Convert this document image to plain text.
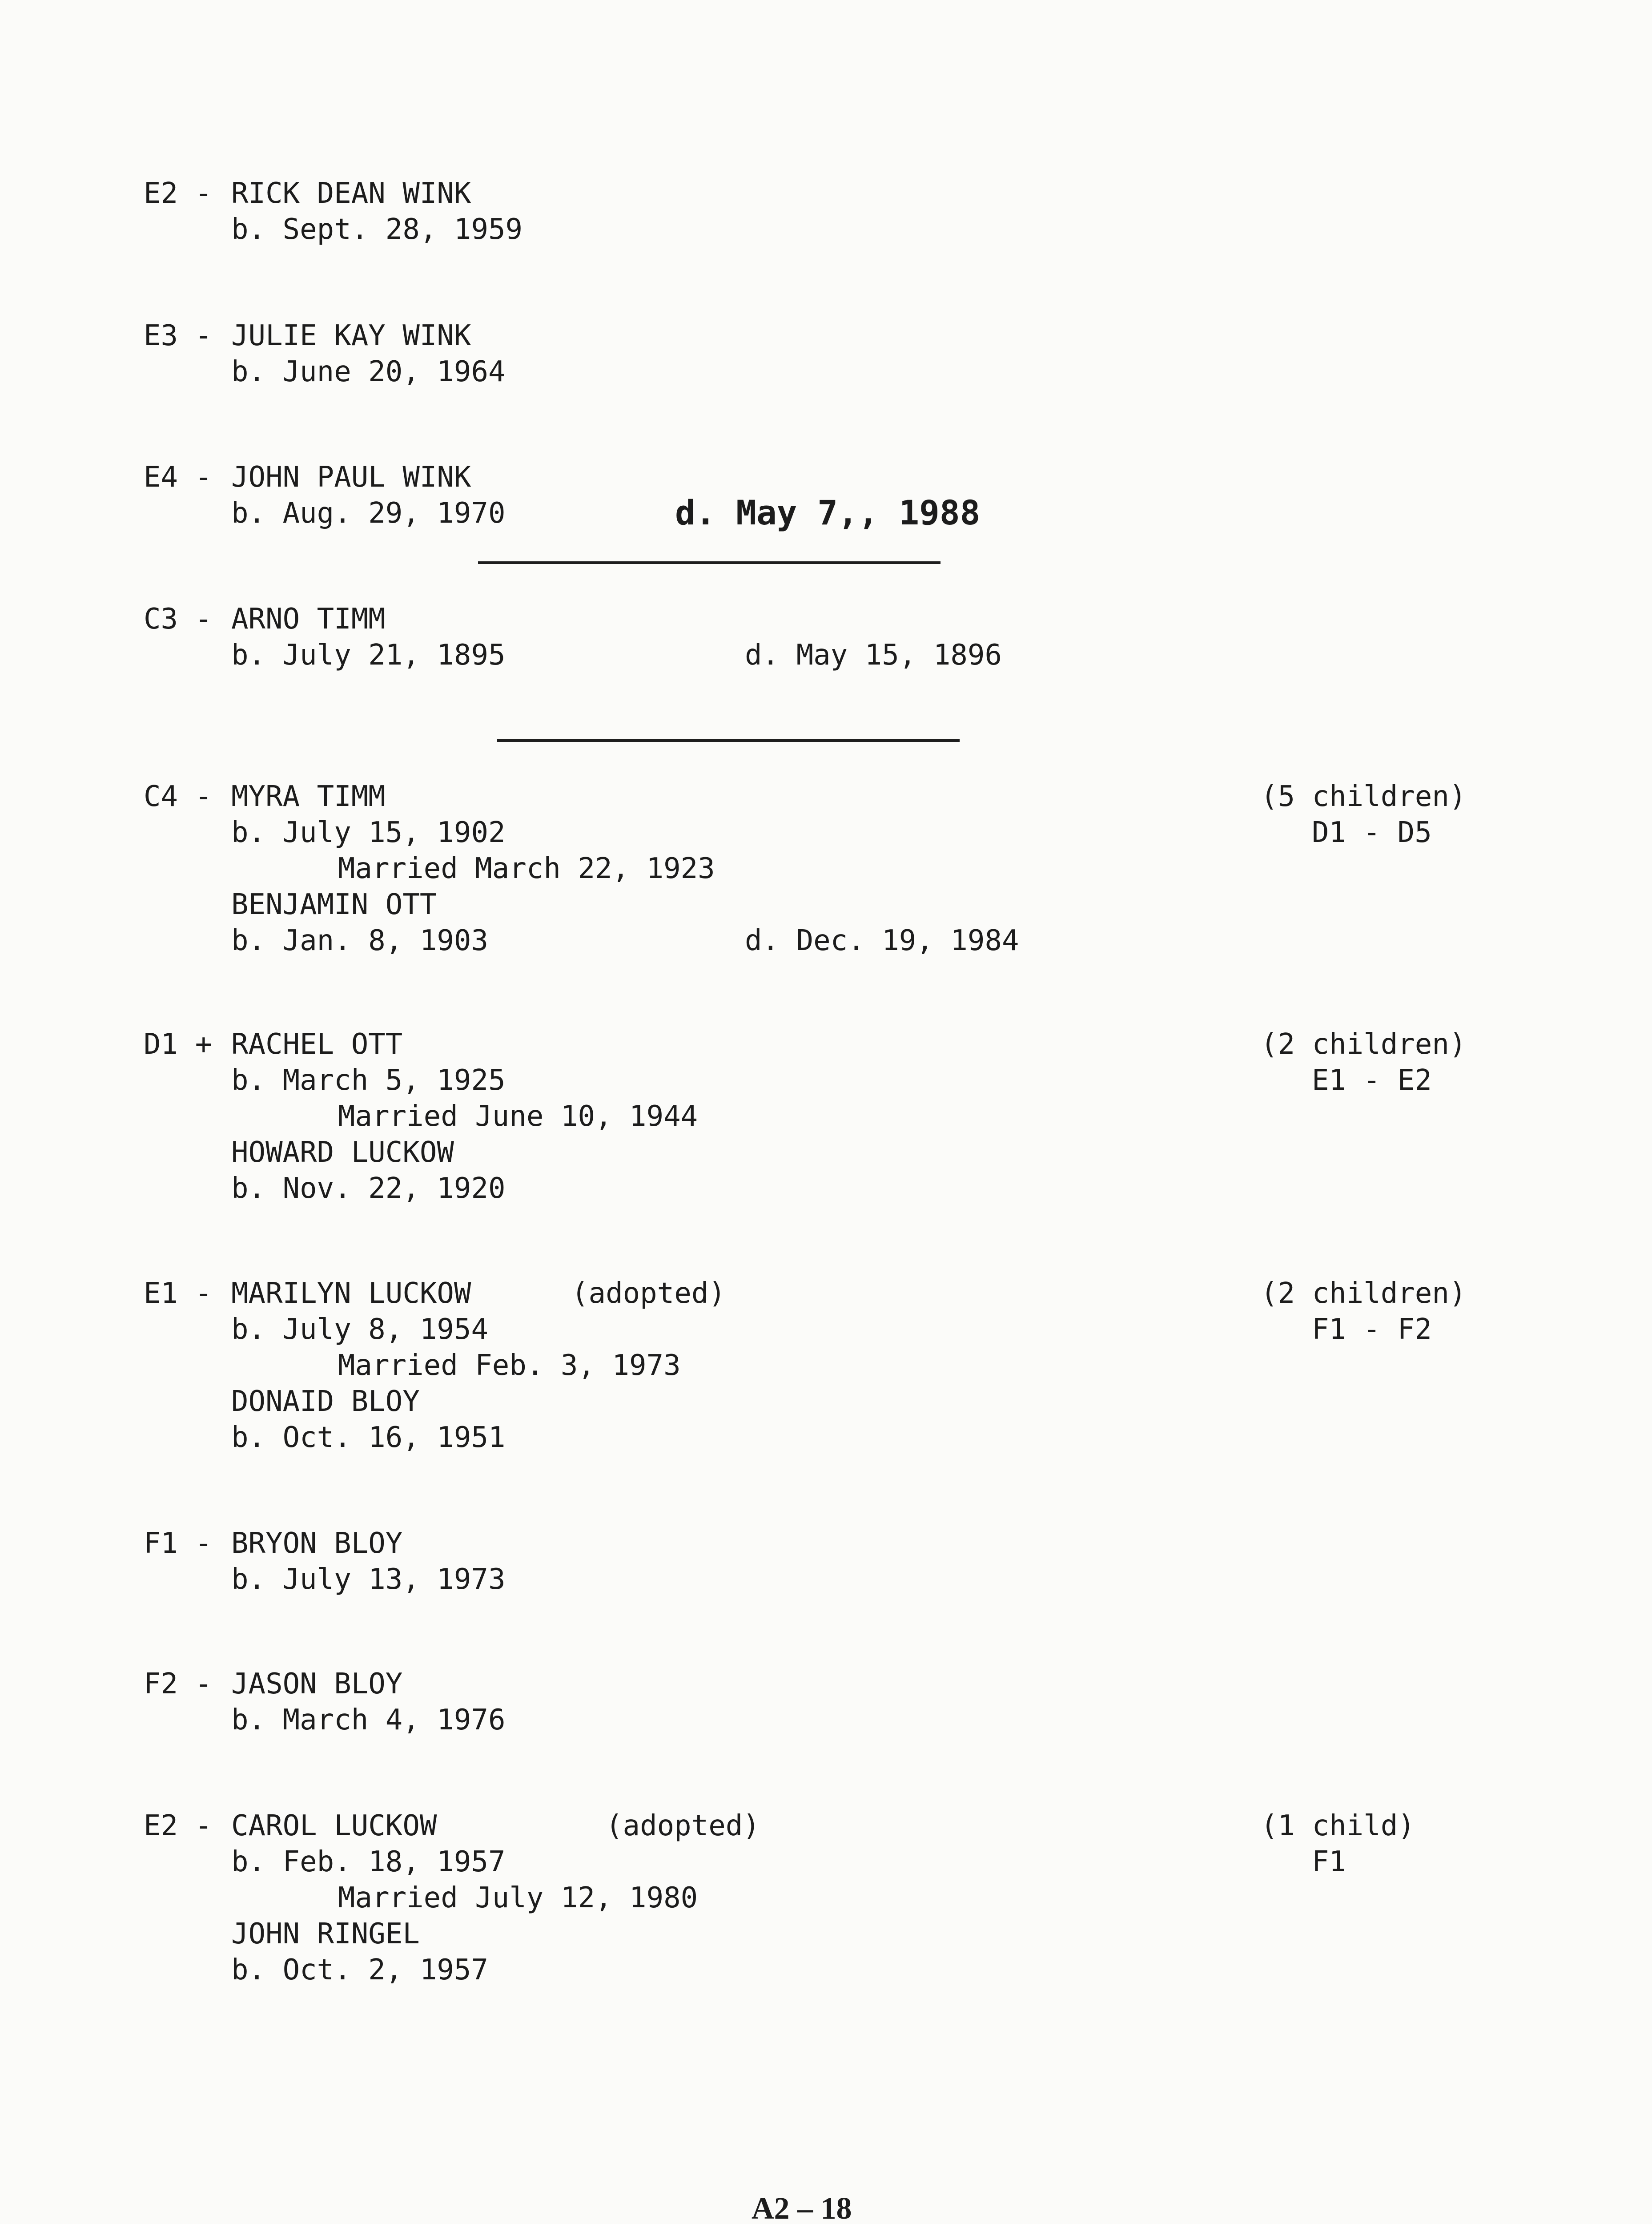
E2 - RICK DEAN WINK
b. Sept. 28, 1959
E3 - JULIE KAY WINK
b. June 20, 1964
E4 - JOHN PAUL WINK
b. Aug. 29, 1970	d. May 7,, 1988
C3 - ARNO TIMM
b. July 21, 1895	d. May 15, 1896
C4 - MYRA TIMM
b. July 15, 1902
Married March 22, 1923
BENJAMIN OTT
b. Jan. 8, 1903	d. Dec. 19, 1984
(5 children)
D1 - D5
D1 + RACHEL OTT
b. March 5, 1925
Married June 10, 1944
HOWARD LUCKOW
b. Nov. 22, 1920
(2 children)
E1 - E2
E1 - MARILYN LUCKOW	(adopted)
b. July 8, 1954
Married Feb. 3, 1973
DONAID BLOY
b. Oct. 16, 1951
(2 children)
F1 - F2
F1 - BRYON BLOY
b. July 13, 1973
F2 - JASON BLOY
b. March 4, 1976
E2 - CAROL LUCKOW	(adopted)
b. Feb. 18, 1957
Married July 12, 1980
JOHN RINGEL
b. Oct. 2, 1957
(1 child)
F1
A2 – 18
